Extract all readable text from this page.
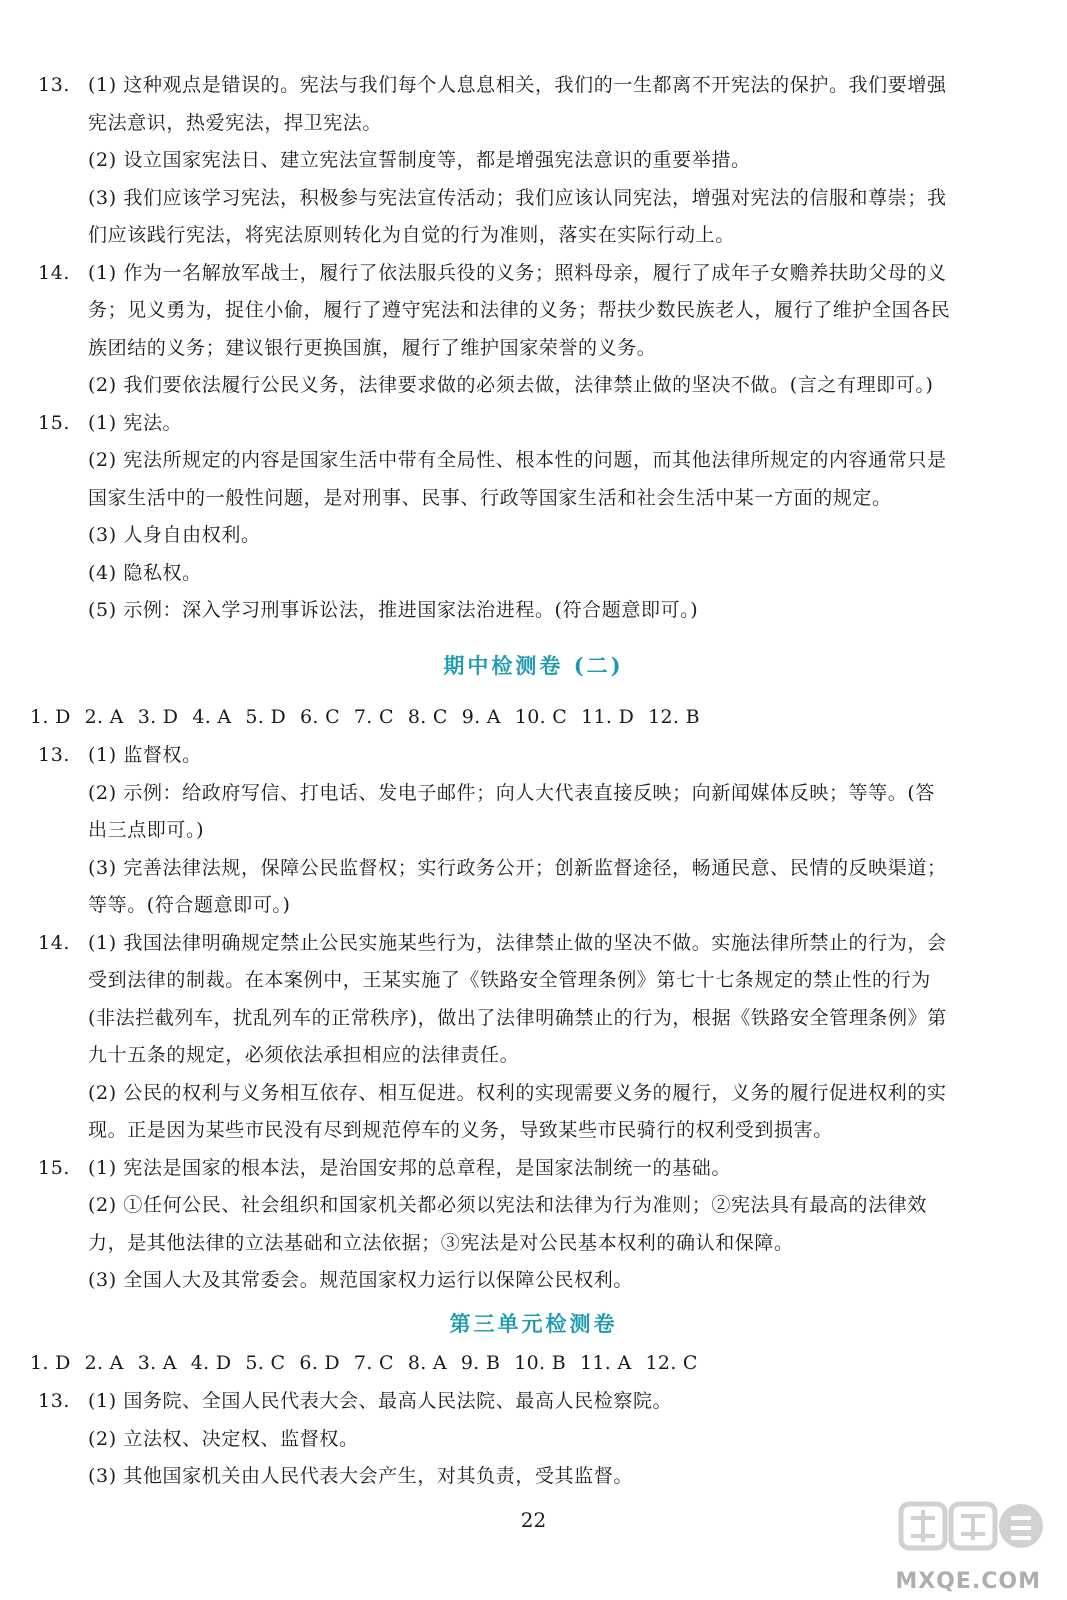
13. (1) 这种观点是错误的。宪法与我们每个人息息相关，我们的一生都离不开宪法的保护。我们要增强
宪法意识，热爱宪法，捍卫宪法。
(2) 设立国家宪法日、建立宪法宣誓制度等，都是增强宪法意识的重要举措。
(3) 我们应该学习宪法，积极参与宪法宣传活动；我们应该认同宪法，增强对宪法的信服和尊崇；我
们应该践行宪法，将宪法原则转化为自觉的行为准则，落实在实际行动上。
14. (1) 作为一名解放军战士，履行了依法服兵役的义务；照料母亲，履行了成年子女赡养扶助父母的义
务；见义勇为，捉住小偷，履行了遵守宪法和法律的义务；帮扶少数民族老人，履行了维护全国各民
族团结的义务；建议银行更换国旗，履行了维护国家荣誉的义务。
(2) 我们要依法履行公民义务，法律要求做的必须去做，法律禁止做的坚决不做。(言之有理即可。)
15. (1) 宪法。
(2) 宪法所规定的内容是国家生活中带有全局性、根本性的问题，而其他法律所规定的内容通常只是
国家生活中的一般性问题，是对刑事、民事、行政等国家生活和社会生活中某一方面的规定。
(3) 人身自由权利。
(4) 隐私权。
(5) 示例：深入学习刑事诉讼法，推进国家法治进程。(符合题意即可。)
期中检测卷 (二)
1. D 2. A 3. D 4. A 5. D 6. C 7. C 8. C 9. A 10. C 11. D 12. B
13. (1) 监督权。
(2) 示例：给政府写信、打电话、发电子邮件；向人大代表直接反映；向新闻媒体反映；等等。(答
出三点即可。)
(3) 完善法律法规，保障公民监督权；实行政务公开；创新监督途径，畅通民意、民情的反映渠道；
等等。(符合题意即可。)
14. (1) 我国法律明确规定禁止公民实施某些行为，法律禁止做的坚决不做。实施法律所禁止的行为，会
受到法律的制裁。在本案例中，王某实施了《铁路安全管理条例》第七十七条规定的禁止性的行为
(非法拦截列车，扰乱列车的正常秩序)，做出了法律明确禁止的行为，根据《铁路安全管理条例》第
九十五条的规定，必须依法承担相应的法律责任。
(2) 公民的权利与义务相互依存、相互促进。权利的实现需要义务的履行，义务的履行促进权利的实
现。正是因为某些市民没有尽到规范停车的义务，导致某些市民骑行的权利受到损害。
15. (1) 宪法是国家的根本法，是治国安邦的总章程，是国家法制统一的基础。
(2) ①任何公民、社会组织和国家机关都必须以宪法和法律为行为准则；②宪法具有最高的法律效
力，是其他法律的立法基础和立法依据；③宪法是对公民基本权利的确认和保障。
(3) 全国人大及其常委会。规范国家权力运行以保障公民权利。
第三单元检测卷
1. D 2. A 3. A 4. D 5. C 6. D 7. C 8. A 9. B 10. B 11. A 12. C
13. (1) 国务院、全国人民代表大会、最高人民法院、最高人民检察院。
(2) 立法权、决定权、监督权。
(3) 其他国家机关由人民代表大会产生，对其负责，受其监督。
22
MXQE.COM
